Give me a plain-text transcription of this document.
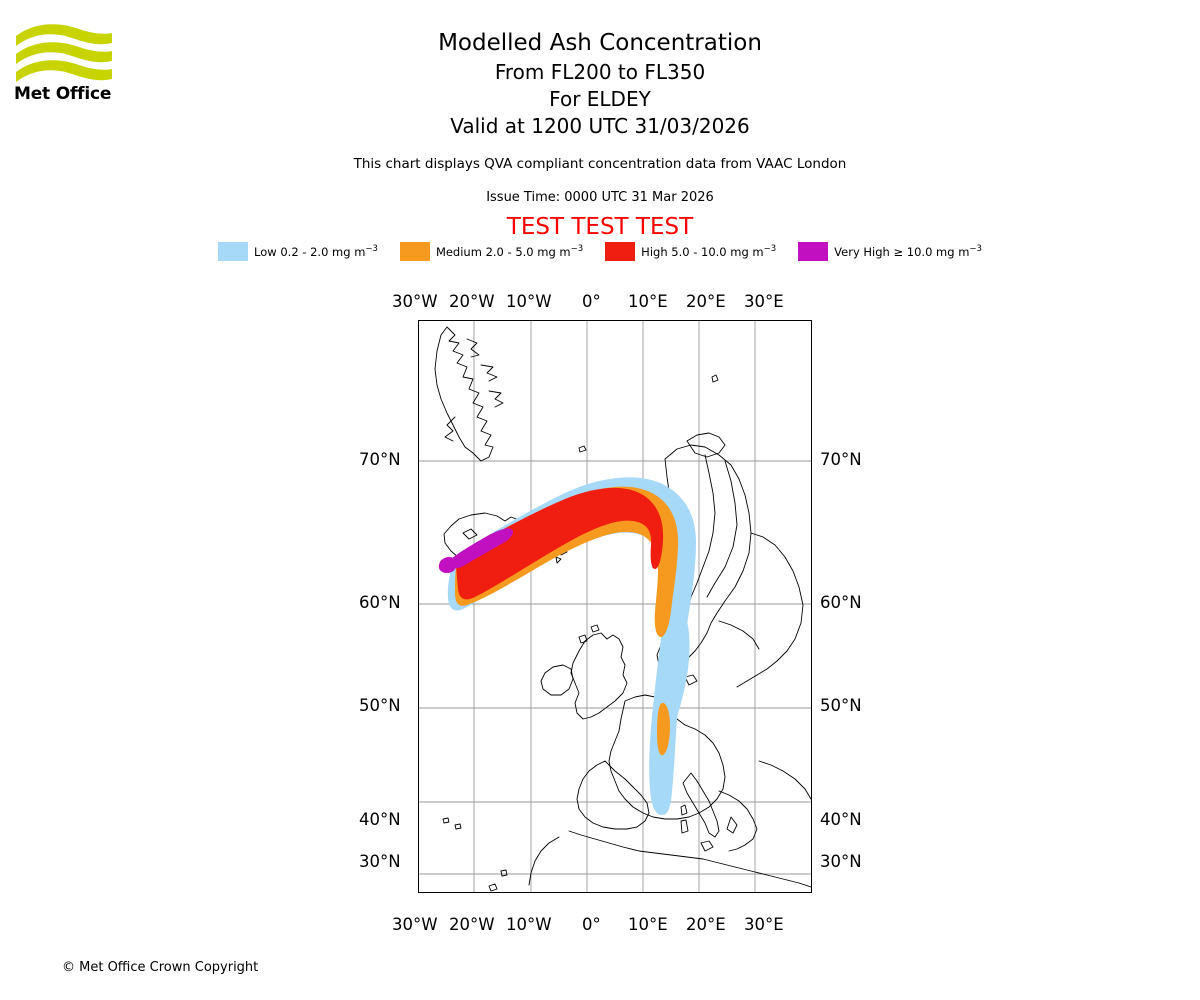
Met Office
Modelled Ash Concentration
From FL200 to FL350
For ELDEY
Valid at 1200 UTC 31/03/2026
This chart displays QVA compliant concentration data from VAAC London
Issue Time: 0000 UTC 31 Mar 2026
TEST TEST TEST
Low 0.2 - 2.0 mg $m^{-3}$	Medium 2.0 - 5.0 mg $m^{-3}$	High 5.0 - 10.0 mg $m^{-3}$	Very High ≥ 10.0 mg $m^{-3}$
30°W 20°W 10°W 0° 10°E 20°E 30°E
30°W 20°W 10°W 0° 10°E 20°E 30°E
70°N
60°N
50°N
40°N
30°N
70°N
60°N
50°N
40°N
30°N
© Met Office Crown Copyright
